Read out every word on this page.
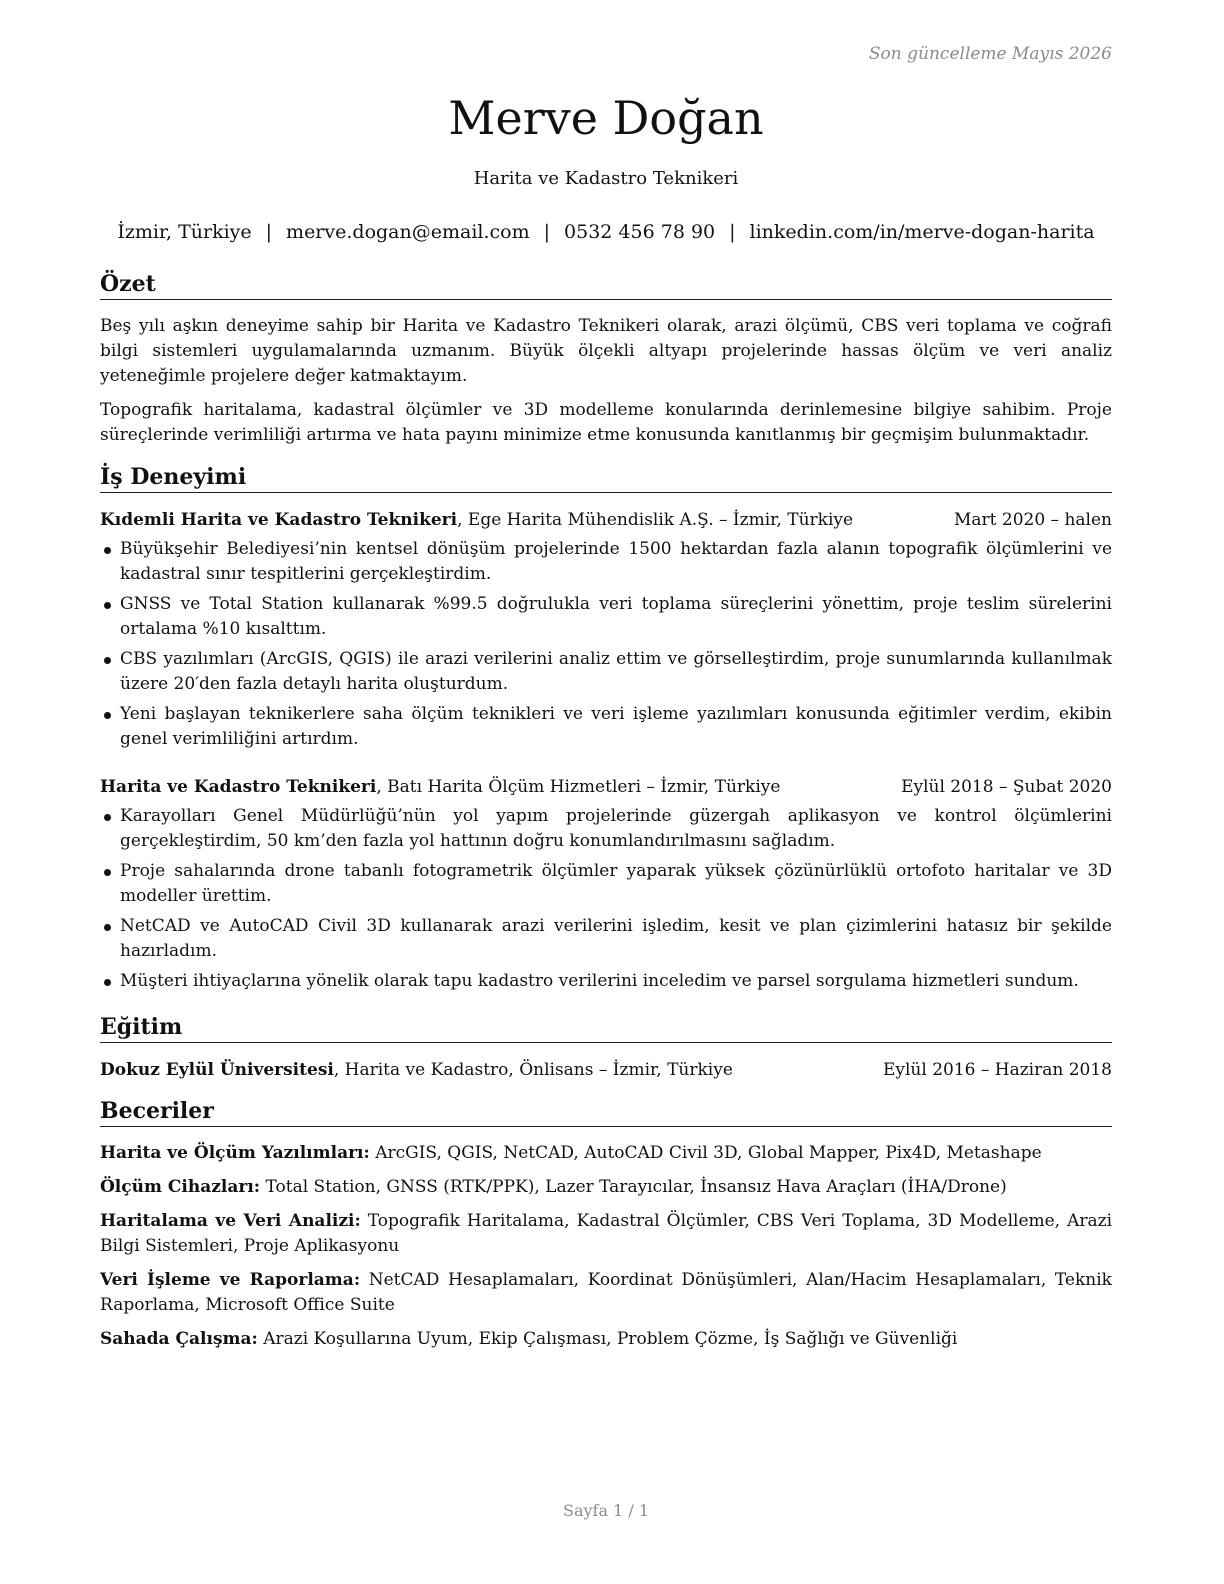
Son güncelleme Mayıs 2026
Merve Doğan
Harita ve Kadastro Teknikeri
İzmir, Türkiye | merve.dogan@email.com | 0532 456 78 90 | linkedin.com/in/merve-dogan-harita
Özet

Beş yılı aşkın deneyime sahip bir Harita ve Kadastro Teknikeri olarak, arazi ölçümü, CBS veri toplama ve coğrafi bilgi sistemleri uygulamalarında uzmanım. Büyük ölçekli altyapı projelerinde hassas ölçüm ve veri analiz yeteneğimle projelere değer katmaktayım.

Topografik haritalama, kadastral ölçümler ve 3D modelleme konularında derinlemesine bilgiye sahibim. Proje süreçlerinde verimliliği artırma ve hata payını minimize etme konusunda kanıtlanmış bir geçmişim bulunmaktadır.

İş Deneyimi
Kıdemli Harita ve Kadastro Teknikeri, Ege Harita Mühendislik A.Ş. – İzmir, Türkiye	Mart 2020 – halen
Büyükşehir Belediyesi’nin kentsel dönüşüm projelerinde 1500 hektardan fazla alanın topografik ölçümlerini ve kadastral sınır tespitlerini gerçekleştirdim.
GNSS ve Total Station kullanarak %99.5 doğrulukla veri toplama süreçlerini yönettim, proje teslim sürelerini ortalama %10 kısalttım.
CBS yazılımları (ArcGIS, QGIS) ile arazi verilerini analiz ettim ve görselleştirdim, proje sunumlarında kullanılmak üzere 20′den fazla detaylı harita oluşturdum.
Yeni başlayan teknikerlere saha ölçüm teknikleri ve veri işleme yazılımları konusunda eğitimler verdim, ekibin genel verimliliğini artırdım.
Harita ve Kadastro Teknikeri, Batı Harita Ölçüm Hizmetleri – İzmir, Türkiye	Eylül 2018 – Şubat 2020
Karayolları Genel Müdürlüğü’nün yol yapım projelerinde güzergah aplikasyon ve kontrol ölçümlerini gerçekleştirdim, 50 km’den fazla yol hattının doğru konumlandırılmasını sağladım.
Proje sahalarında drone tabanlı fotogrametrik ölçümler yaparak yüksek çözünürlüklü ortofoto haritalar ve 3D modeller ürettim.
NetCAD ve AutoCAD Civil 3D kullanarak arazi verilerini işledim, kesit ve plan çizimlerini hatasız bir şekilde hazırladım.
Müşteri ihtiyaçlarına yönelik olarak tapu kadastro verilerini inceledim ve parsel sorgulama hizmetleri sundum.
Eğitim
Dokuz Eylül Üniversitesi, Harita ve Kadastro, Önlisans – İzmir, Türkiye	Eylül 2016 – Haziran 2018
Beceriler
Harita ve Ölçüm Yazılımları: ArcGIS, QGIS, NetCAD, AutoCAD Civil 3D, Global Mapper, Pix4D, Metashape
Ölçüm Cihazları: Total Station, GNSS (RTK/PPK), Lazer Tarayıcılar, İnsansız Hava Araçları (İHA/Drone)
Haritalama ve Veri Analizi: Topografik Haritalama, Kadastral Ölçümler, CBS Veri Toplama, 3D Modelleme, Arazi Bilgi Sistemleri, Proje Aplikasyonu
Veri İşleme ve Raporlama: NetCAD Hesaplamaları, Koordinat Dönüşümleri, Alan/Hacim Hesaplamaları, Teknik Raporlama, Microsoft Office Suite
Sahada Çalışma: Arazi Koşullarına Uyum, Ekip Çalışması, Problem Çözme, İş Sağlığı ve Güvenliği
Sayfa 1 / 1
